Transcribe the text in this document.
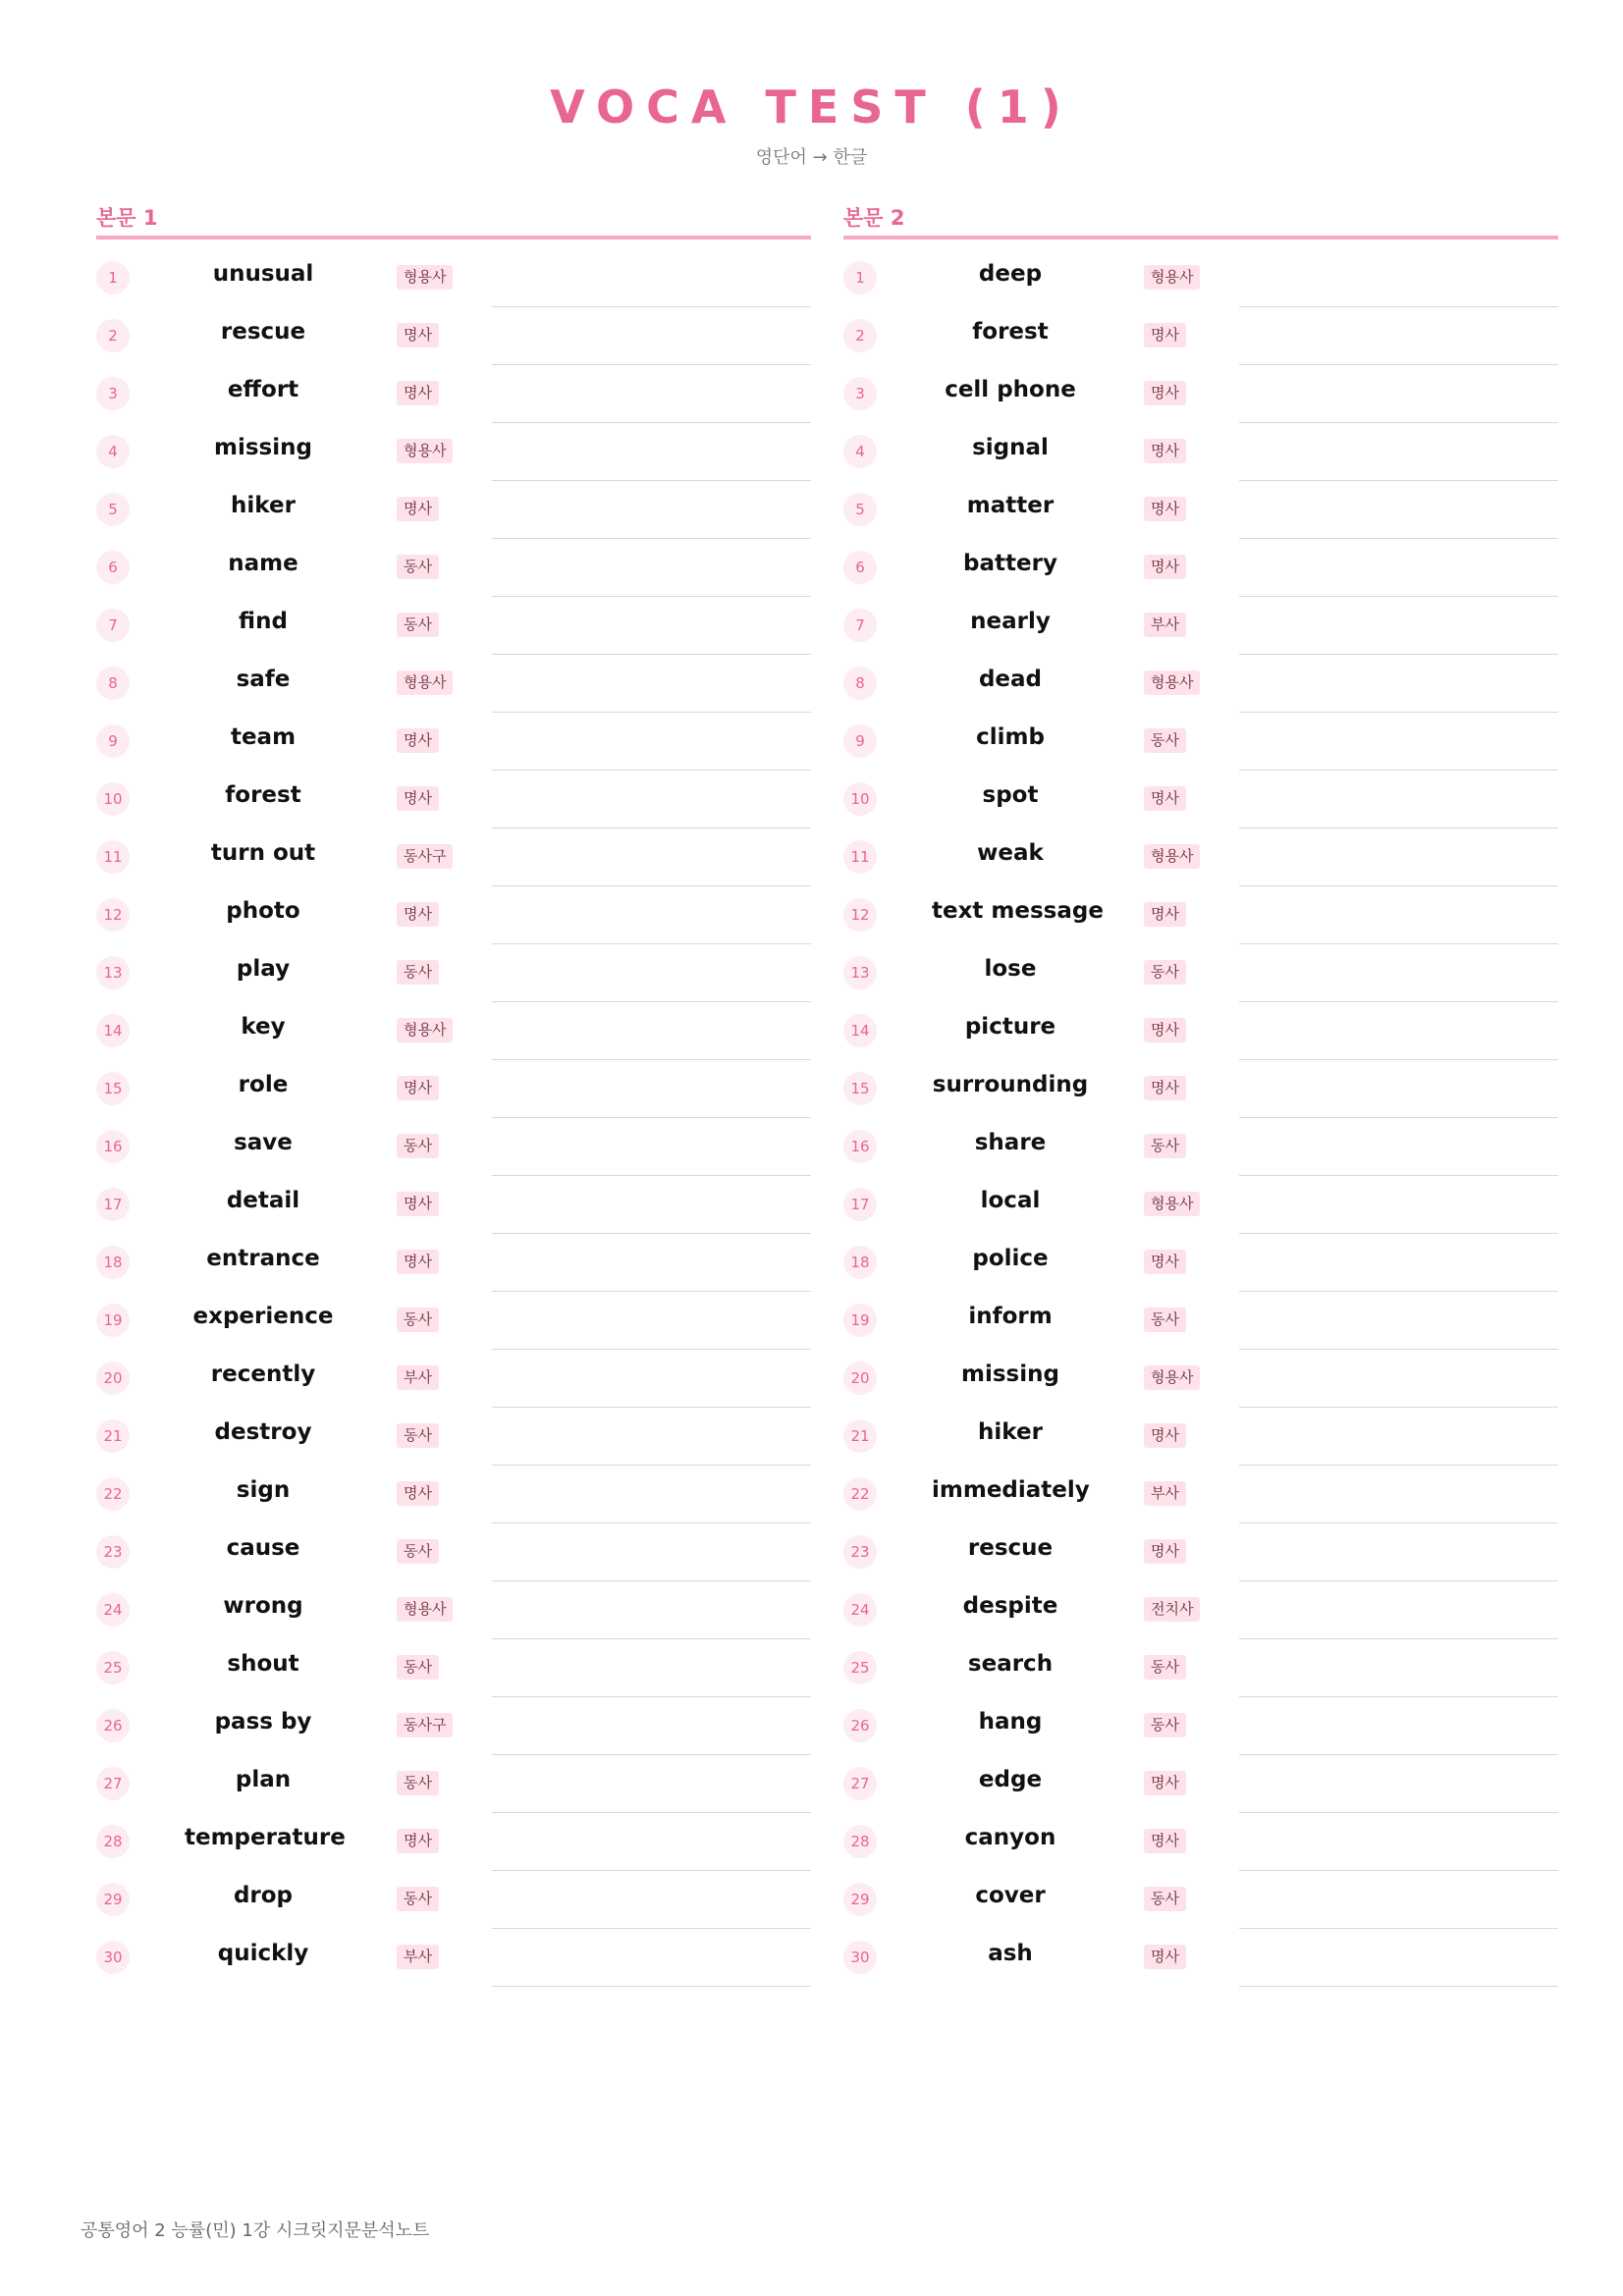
VOCA TEST (1)
영단어 → 한글
본문 1
1	unusual	형용사
2	rescue	명사
3	effort	명사
4	missing	형용사
5	hiker	명사
6	name	동사
7	find	동사
8	safe	형용사
9	team	명사
10	forest	명사
11	turn out	동사구
12	photo	명사
13	play	동사
14	key	형용사
15	role	명사
16	save	동사
17	detail	명사
18	entrance	명사
19	experience	동사
20	recently	부사
21	destroy	동사
22	sign	명사
23	cause	동사
24	wrong	형용사
25	shout	동사
26	pass by	동사구
27	plan	동사
28	temperature	명사
29	drop	동사
30	quickly	부사
본문 2
1	deep	형용사
2	forest	명사
3	cell phone	명사
4	signal	명사
5	matter	명사
6	battery	명사
7	nearly	부사
8	dead	형용사
9	climb	동사
10	spot	명사
11	weak	형용사
12	text message	명사
13	lose	동사
14	picture	명사
15	surrounding	명사
16	share	동사
17	local	형용사
18	police	명사
19	inform	동사
20	missing	형용사
21	hiker	명사
22	immediately	부사
23	rescue	명사
24	despite	전치사
25	search	동사
26	hang	동사
27	edge	명사
28	canyon	명사
29	cover	동사
30	ash	명사
공통영어 2 능률(민) 1강 시크릿지문분석노트
